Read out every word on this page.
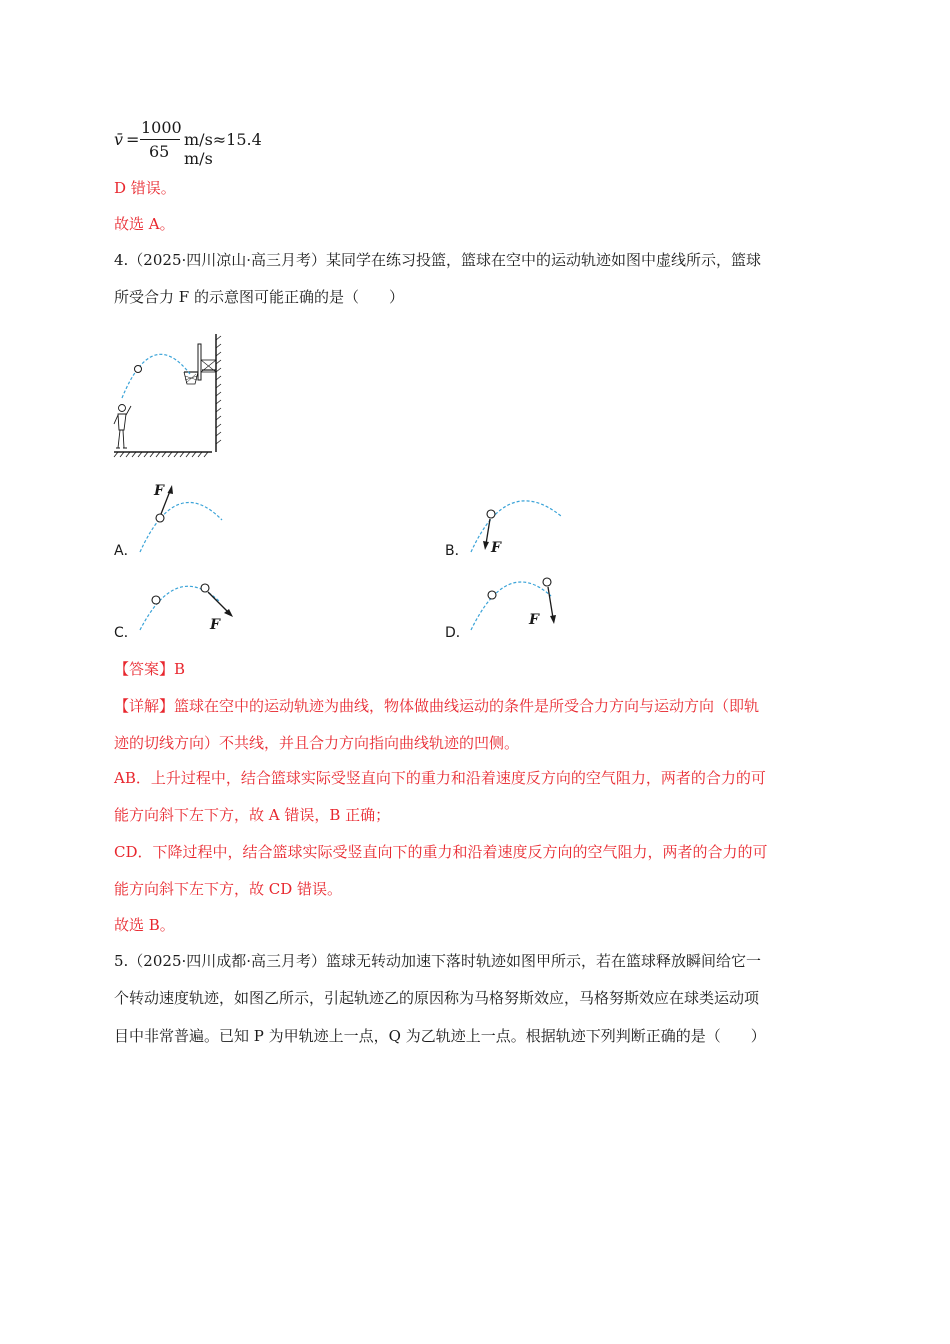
v̄ =
1000
65
m/s≈15.4 m/s
D 错误。
故选 A。
4.（2025·四川凉山·高三月考）某同学在练习投篮，篮球在空中的运动轨迹如图中虚线所示，篮球
所受合力 F 的示意图可能正确的是（　　）
A．
F
B． F
C．	F	D．
F
【答案】B
【详解】篮球在空中的运动轨迹为曲线，物体做曲线运动的条件是所受合力方向与运动方向（即轨
迹的切线方向）不共线，并且合力方向指向曲线轨迹的凹侧。
AB．上升过程中，结合篮球实际受竖直向下的重力和沿着速度反方向的空气阻力，两者的合力的可
能方向斜下左下方，故 A 错误，B 正确；
CD．下降过程中，结合篮球实际受竖直向下的重力和沿着速度反方向的空气阻力，两者的合力的可
能方向斜下左下方，故 CD 错误。
故选 B。
5.（2025·四川成都·高三月考）篮球无转动加速下落时轨迹如图甲所示，若在篮球释放瞬间给它一
个转动速度轨迹，如图乙所示，引起轨迹乙的原因称为马格努斯效应，马格努斯效应在球类运动项
目中非常普遍。已知 P 为甲轨迹上一点，Q 为乙轨迹上一点。根据轨迹下列判断正确的是（　　）
